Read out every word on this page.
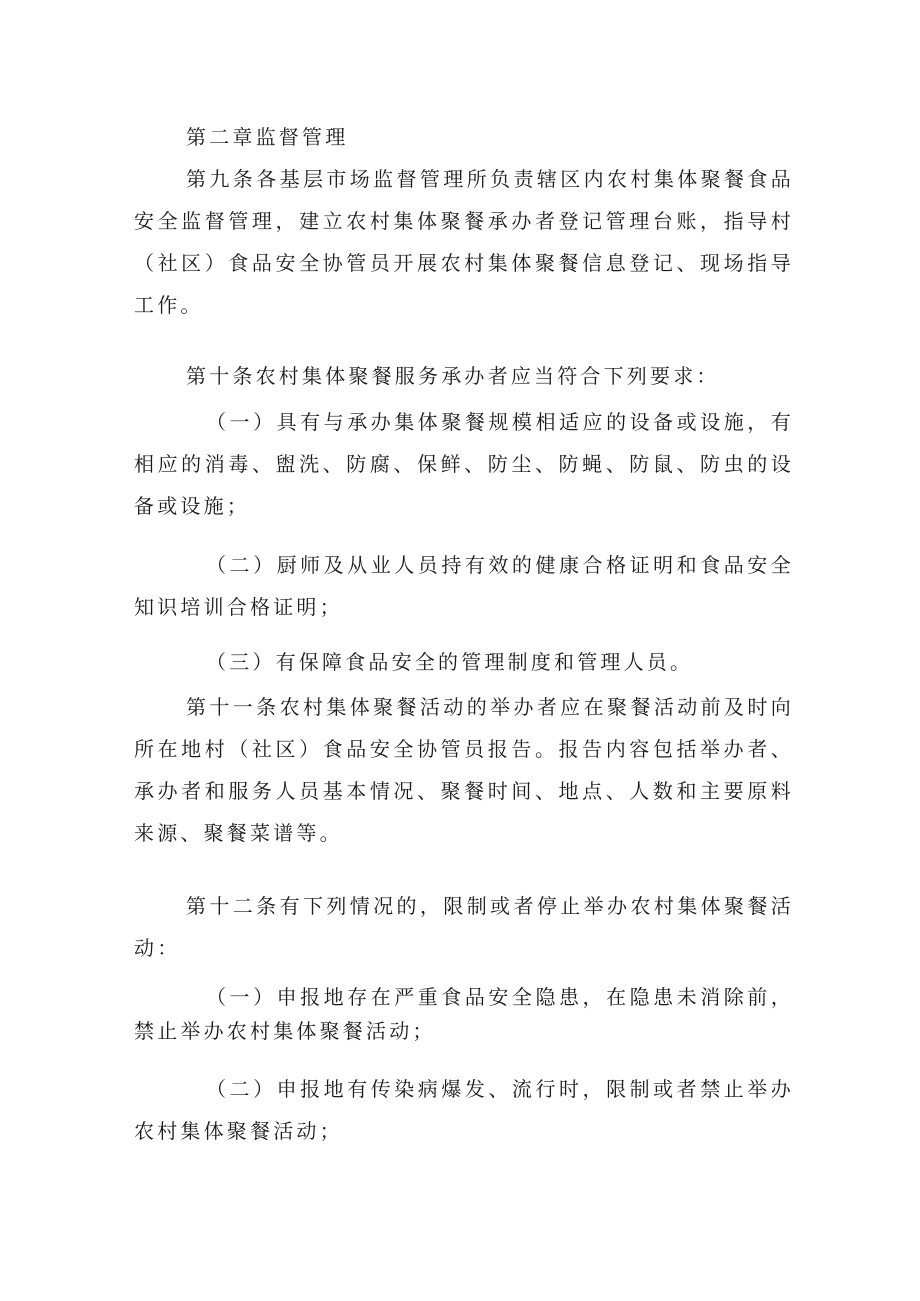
第二章监督管理

第九条各基层市场监督管理所负责辖区内农村集体聚餐食品安全监督管理，建立农村集体聚餐承办者登记管理台账，指导村（社区）食品安全协管员开展农村集体聚餐信息登记、现场指导工作。

第十条农村集体聚餐服务承办者应当符合下列要求：

（一）具有与承办集体聚餐规模相适应的设备或设施，有相应的消毒、盥洗、防腐、保鲜、防尘、防蝇、防鼠、防虫的设备或设施；

（二）厨师及从业人员持有效的健康合格证明和食品安全知识培训合格证明；

（三）有保障食品安全的管理制度和管理人员。

第十一条农村集体聚餐活动的举办者应在聚餐活动前及时向所在地村（社区）食品安全协管员报告。报告内容包括举办者、承办者和服务人员基本情况、聚餐时间、地点、人数和主要原料来源、聚餐菜谱等。

第十二条有下列情况的，限制或者停止举办农村集体聚餐活动：

（一）申报地存在严重食品安全隐患，在隐患未消除前，禁止举办农村集体聚餐活动；

（二）申报地有传染病爆发、流行时，限制或者禁止举办农村集体聚餐活动；
